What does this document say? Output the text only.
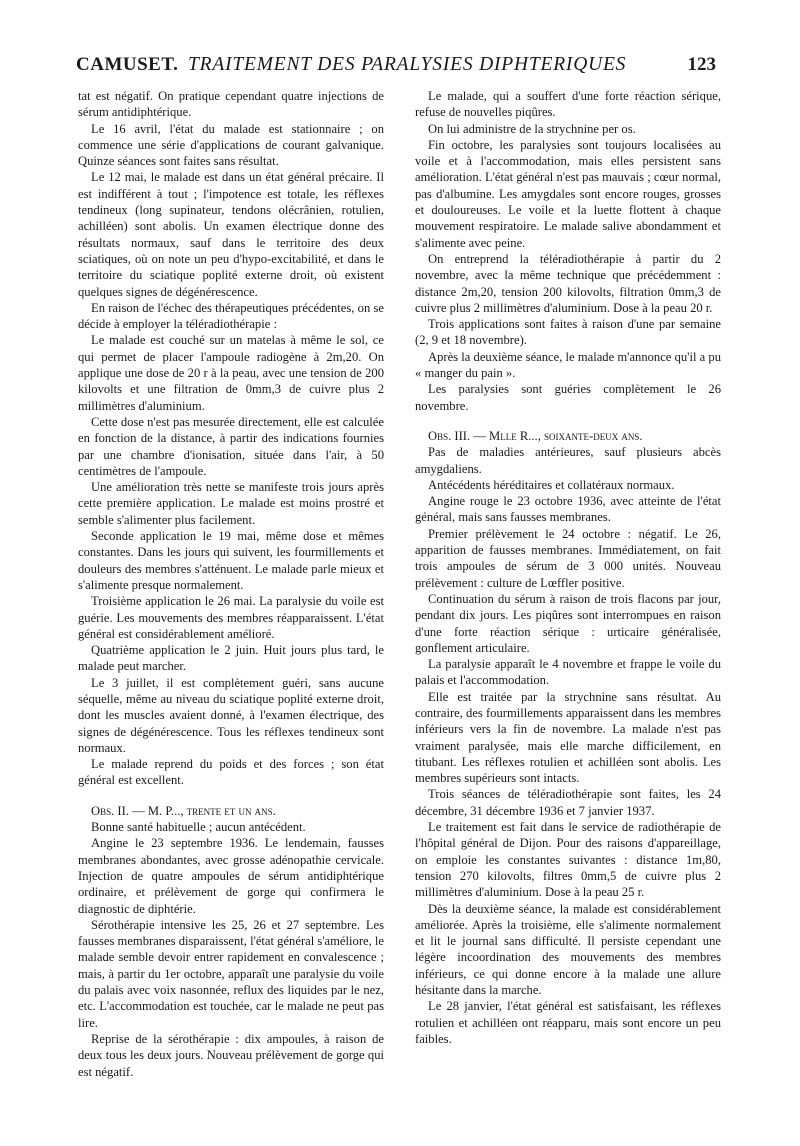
CAMUSET. TRAITEMENT DES PARALYSIES DIPHTERIQUES	123

tat est négatif. On pratique cependant quatre injections de sérum antidiphtérique.

Le 16 avril, l'état du malade est stationnaire ; on commence une série d'applications de courant galvanique. Quinze séances sont faites sans résultat.

Le 12 mai, le malade est dans un état général précaire. Il est indifférent à tout ; l'impotence est totale, les réflexes tendineux (long supinateur, tendons olécrânien, rotulien, achilléen) sont abolis. Un examen électrique donne des résultats normaux, sauf dans le territoire des deux sciatiques, où on note un peu d'hypo-excitabilité, et dans le territoire du sciatique poplité externe droit, où existent quelques signes de dégénérescence.

En raison de l'échec des thérapeutiques précédentes, on se décide à employer la téléradiothérapie :

Le malade est couché sur un matelas à même le sol, ce qui permet de placer l'ampoule radiogène à 2m,20. On applique une dose de 20 r à la peau, avec une tension de 200 kilovolts et une filtration de 0mm,3 de cuivre plus 2 millimètres d'aluminium.

Cette dose n'est pas mesurée directement, elle est calculée en fonction de la distance, à partir des indications fournies par une chambre d'ionisation, située dans l'air, à 50 centimètres de l'ampoule.

Une amélioration très nette se manifeste trois jours après cette première application. Le malade est moins prostré et semble s'alimenter plus facilement.

Seconde application le 19 mai, même dose et mêmes constantes. Dans les jours qui suivent, les fourmillements et douleurs des membres s'atténuent. Le malade parle mieux et s'alimente presque normalement.

Troisième application le 26 mai. La paralysie du voile est guérie. Les mouvements des membres réapparaissent. L'état général est considérablement amélioré.

Quatrième application le 2 juin. Huit jours plus tard, le malade peut marcher.

Le 3 juillet, il est complètement guéri, sans aucune séquelle, même au niveau du sciatique poplité externe droit, dont les muscles avaient donné, à l'examen électrique, des signes de dégénérescence. Tous les réflexes tendineux sont normaux.

Le malade reprend du poids et des forces ; son état général est excellent.

Obs. II. — M. P..., trente et un ans.

Bonne santé habituelle ; aucun antécédent.

Angine le 23 septembre 1936. Le lendemain, fausses membranes abondantes, avec grosse adénopathie cervicale. Injection de quatre ampoules de sérum antidiphtérique ordinaire, et prélèvement de gorge qui confirmera le diagnostic de diphtérie.

Sérothérapie intensive les 25, 26 et 27 septembre. Les fausses membranes disparaissent, l'état général s'améliore, le malade semble devoir entrer rapidement en convalescence ; mais, à partir du 1er octobre, apparaît une paralysie du voile du palais avec voix nasonnée, reflux des liquides par le nez, etc. L'accommodation est touchée, car le malade ne peut pas lire.

Reprise de la sérothérapie : dix ampoules, à raison de deux tous les deux jours. Nouveau prélèvement de gorge qui est négatif.

Le malade, qui a souffert d'une forte réaction sérique, refuse de nouvelles piqûres.

On lui administre de la strychnine per os.

Fin octobre, les paralysies sont toujours localisées au voile et à l'accommodation, mais elles persistent sans amélioration. L'état général n'est pas mauvais ; cœur normal, pas d'albumine. Les amygdales sont encore rouges, grosses et douloureuses. Le voile et la luette flottent à chaque mouvement respiratoire. Le malade salive abondamment et s'alimente avec peine.

On entreprend la téléradiothérapie à partir du 2 novembre, avec la même technique que précédemment : distance 2m,20, tension 200 kilovolts, filtration 0mm,3 de cuivre plus 2 millimètres d'aluminium. Dose à la peau 20 r.

Trois applications sont faites à raison d'une par semaine (2, 9 et 18 novembre).

Après la deuxième séance, le malade m'annonce qu'il a pu « manger du pain ».

Les paralysies sont guéries complètement le 26 novembre.

Obs. III. — Mlle R..., soixante-deux ans.

Pas de maladies antérieures, sauf plusieurs abcès amygdaliens.

Antécédents héréditaires et collatéraux normaux.

Angine rouge le 23 octobre 1936, avec atteinte de l'état général, mais sans fausses membranes.

Premier prélèvement le 24 octobre : négatif. Le 26, apparition de fausses membranes. Immédiatement, on fait trois ampoules de sérum de 3 000 unités. Nouveau prélèvement : culture de Lœffler positive.

Continuation du sérum à raison de trois flacons par jour, pendant dix jours. Les piqûres sont interrompues en raison d'une forte réaction sérique : urticaire généralisée, gonflement articulaire.

La paralysie apparaît le 4 novembre et frappe le voile du palais et l'accommodation.

Elle est traitée par la strychnine sans résultat. Au contraire, des fourmillements apparaissent dans les membres inférieurs vers la fin de novembre. La malade n'est pas vraiment paralysée, mais elle marche difficilement, en titubant. Les réflexes rotulien et achilléen sont abolis. Les membres supérieurs sont intacts.

Trois séances de téléradiothérapie sont faites, les 24 décembre, 31 décembre 1936 et 7 janvier 1937.

Le traitement est fait dans le service de radiothérapie de l'hôpital général de Dijon. Pour des raisons d'appareillage, on emploie les constantes suivantes : distance 1m,80, tension 270 kilovolts, filtres 0mm,5 de cuivre plus 2 millimètres d'aluminium. Dose à la peau 25 r.

Dès la deuxième séance, la malade est considérablement améliorée. Après la troisième, elle s'alimente normalement et lit le journal sans difficulté. Il persiste cependant une légère incoordination des mouvements des membres inférieurs, ce qui donne encore à la malade une allure hésitante dans la marche.

Le 28 janvier, l'état général est satisfaisant, les réflexes rotulien et achilléen ont réapparu, mais sont encore un peu faibles.
